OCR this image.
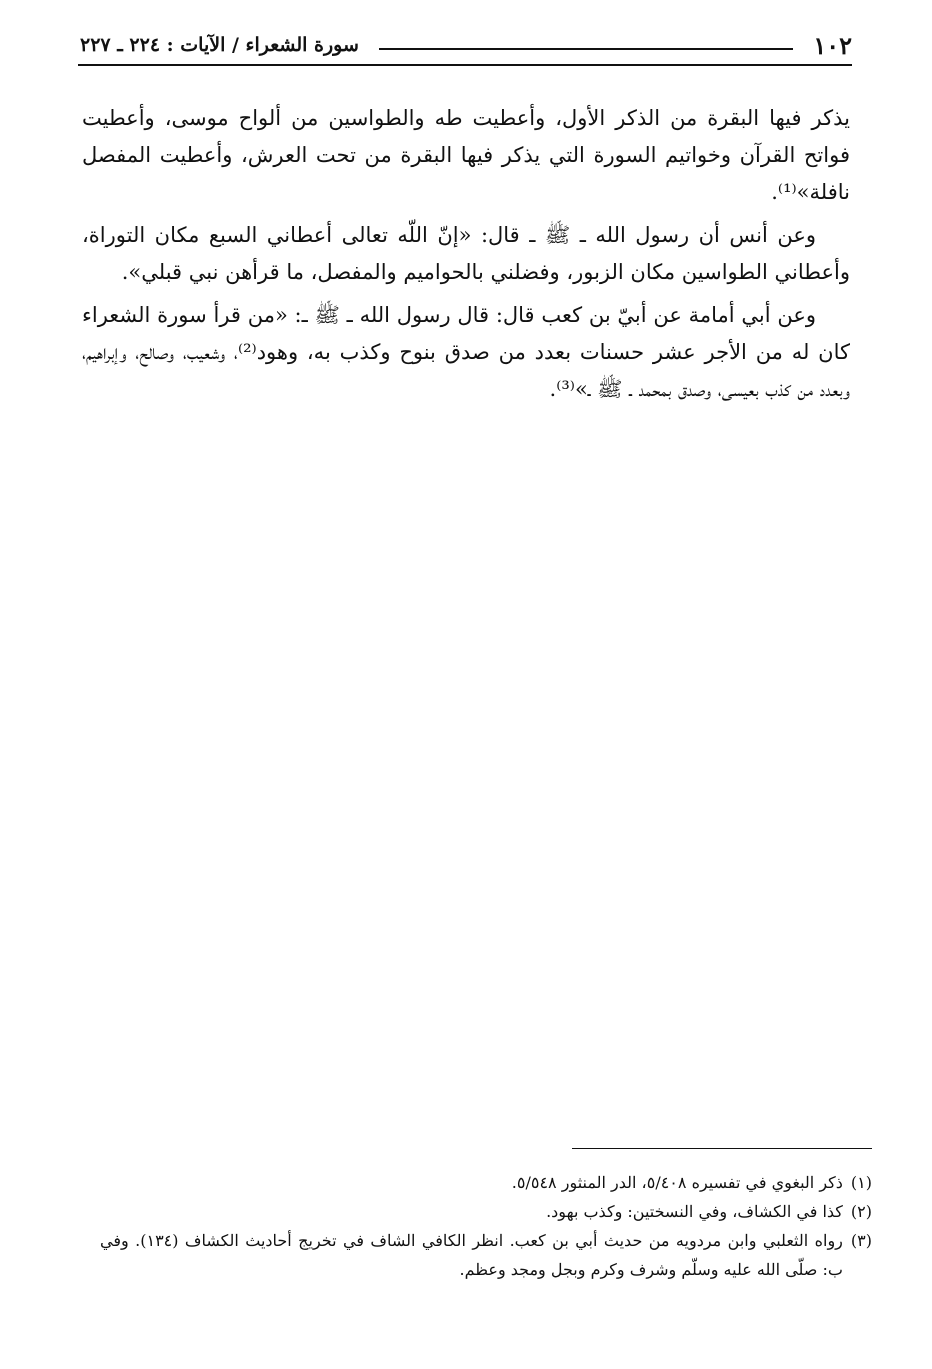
١٠٢
سورة الشعراء / الآيات : ٢٢٤ ـ ٢٢٧

يذكر فيها البقرة من الذكر الأول، وأعطيت طه والطواسين من ألواح موسى، وأعطيت فواتح القرآن وخواتيم السورة التي يذكر فيها البقرة من تحت العرش، وأعطيت المفصل نافلة»⁽¹⁾.

وعن أنس أن رسول الله ـ ﷺ ـ قال: «إنّ اللّه تعالى أعطاني السبع مكان التوراة، وأعطاني الطواسين مكان الزبور، وفضلني بالحواميم والمفصل، ما قرأهن نبي قبلي».

وعن أبي أمامة عن أبيّ بن كعب قال: قال رسول الله ـ ﷺ ـ: «من قرأ سورة الشعراء كان له من الأجر عشر حسنات بعدد من صدق بنوح وكذب به، وهود⁽²⁾، وشعيب، وصالح، وإبراهيم، وبعدد من كذب بعيسى، وصدق بمحمد ـ ﷺ ـ»⁽³⁾.

(١)
ذكر البغوي في تفسيره ٥/٤٠٨، الدر المنثور ٥/٥٤٨.
(٢)
كذا في الكشاف، وفي النسختين: وكذب بهود.
(٣)
رواه الثعلبي وابن مردويه من حديث أبي بن كعب. انظر الكافي الشاف في تخريج أحاديث الكشاف (١٣٤). وفي ب: صلّى الله عليه وسلّم وشرف وكرم وبجل ومجد وعظم.
